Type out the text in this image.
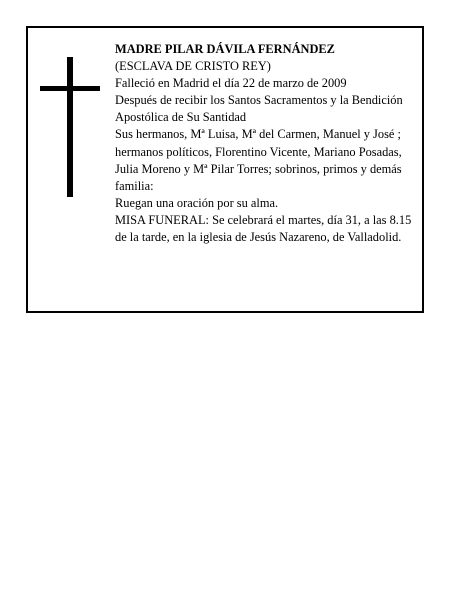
MADRE PILAR DÁVILA FERNÁNDEZ

(ESCLAVA DE CRISTO REY)

Falleció en Madrid el día 22 de marzo de 2009

Después de recibir los Santos Sacramentos y la Bendición Apostólica de Su Santidad

Sus hermanos, Mª Luisa, Mª del Carmen, Manuel y José ; hermanos políticos, Florentino Vicente, Mariano Posadas, Julia Moreno y Mª Pilar Torres; sobrinos, primos y demás familia:

Ruegan una oración por su alma.

MISA FUNERAL: Se celebrará el martes, día 31, a las 8.15 de la tarde, en la iglesia de Jesús Nazareno, de Valladolid.
